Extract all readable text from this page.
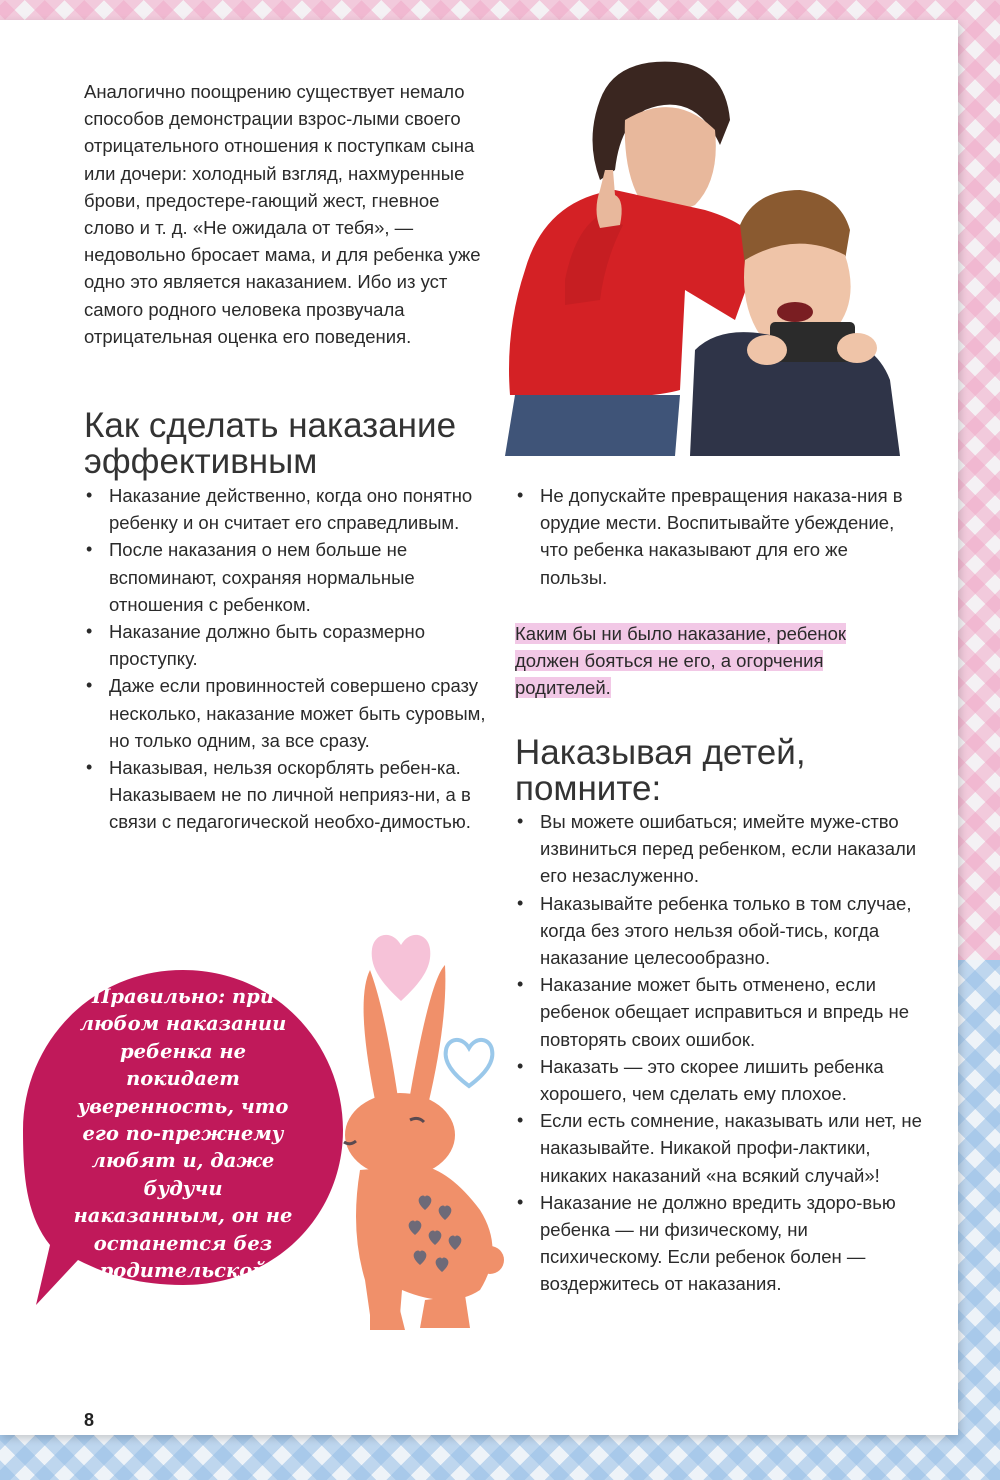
Аналогично поощрению существует немало способов демонстрации взрос-лыми своего отрицательного отношения к поступкам сына или дочери: холодный взгляд, нахмуренные брови, предостере-гающий жест, гневное слово и т. д. «Не ожидала от тебя», — недовольно бросает мама, и для ребенка уже одно это является наказанием. Ибо из уст самого родного человека прозвучала отрицательная оценка его поведения.

Как сделать наказание эффективным
• Наказание действенно, когда оно понятно ребенку и он считает его справедливым.
• После наказания о нем больше не вспоминают, сохраняя нормальные отношения с ребенком.
• Наказание должно быть соразмерно проступку.
• Даже если провинностей совершено сразу несколько, наказание может быть суровым, но только одним, за все сразу.
• Наказывая, нельзя оскорблять ребен-ка. Наказываем не по личной неприяз-ни, а в связи с педагогической необхо-димостью.
• Не допускайте превращения наказа-ния в орудие мести. Воспитывайте убеждение, что ребенка наказывают для его же пользы.

Каким бы ни было наказание, ребенок должен бояться не его, а огорчения родителей.

Наказывая детей, помните:
• Вы можете ошибаться; имейте муже-ство извиниться перед ребенком, если наказали его незаслуженно.
• Наказывайте ребенка только в том случае, когда без этого нельзя обой-тись, когда наказание целесообразно.
• Наказание может быть отменено, если ребенок обещает исправиться и впредь не повторять своих ошибок.
• Наказать — это скорее лишить ребенка хорошего, чем сделать ему плохое.
• Если есть сомнение, наказывать или нет, не наказывайте. Никакой профи-лактики, никаких наказаний «на всякий случай»!
• Наказание не должно вредить здоро-вью ребенка — ни физическому, ни психическому. Если ребенок болен — воздержитесь от наказания.
Правильно: при любом наказании ребенка не покидает уверенность, что его по-прежнему любят и, даже будучи наказанным, он не останется без родительской любви.
8
